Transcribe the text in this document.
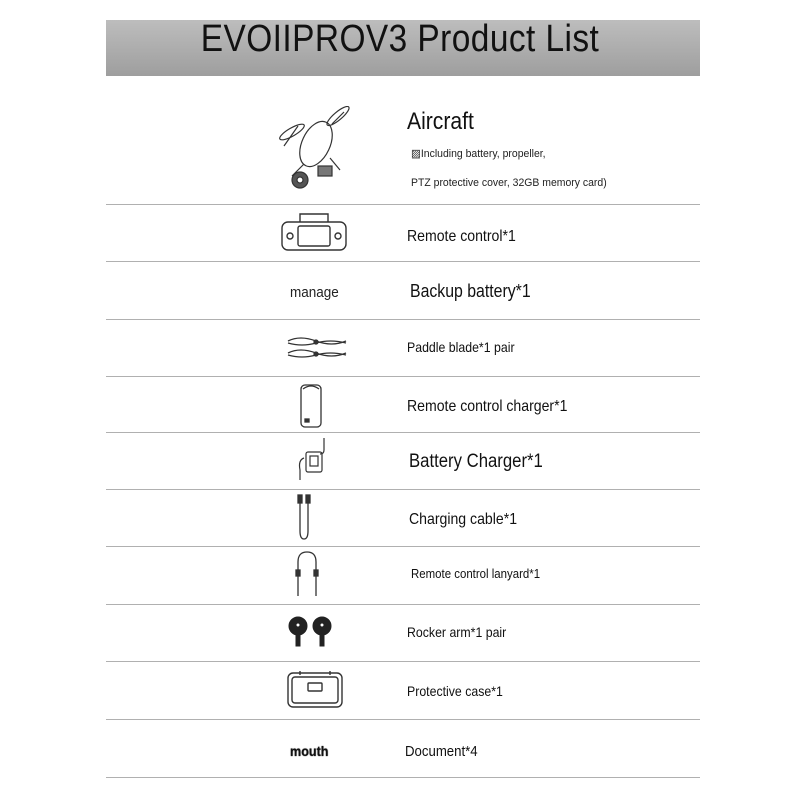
EVOIIPROV3 Product List
Aircraft
▨Including battery, propeller,
PTZ protective cover, 32GB memory card)
Remote control*1
manage	Backup battery*1
Paddle blade*1 pair
Remote control charger*1
Battery Charger*1
Charging cable*1
Remote control lanyard*1
Rocker arm*1 pair
Protective case*1
mouth	Document*4
